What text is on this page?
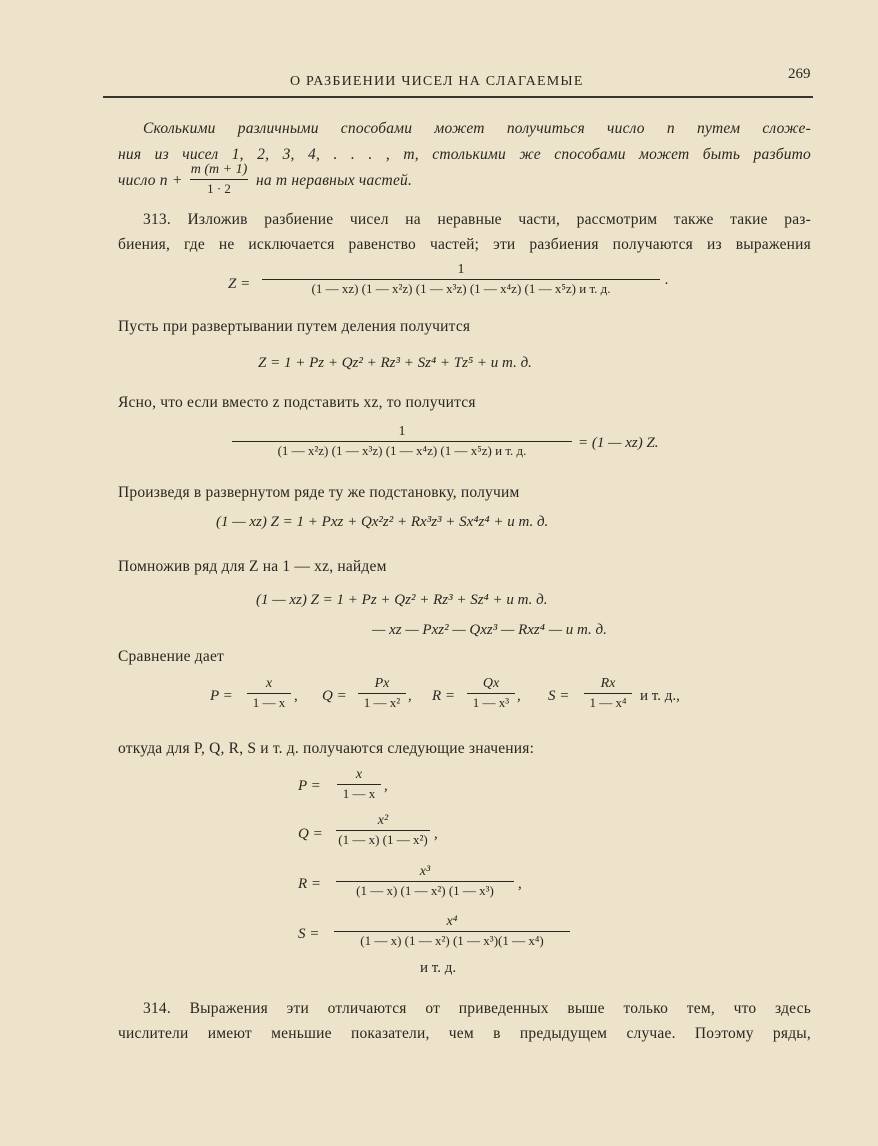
О РАЗБИЕНИИ ЧИСЕЛ НА СЛАГАЕМЫЕ	269
Сколькими различными способами может получиться число n путем сложе-
ния из чисел 1, 2, 3, 4, . . . , m, столькими же способами может быть разбито
число n +
m (m + 1)
1 · 2	на m неравных частей.
313. Изложив разбиение чисел на неравные части, рассмотрим также такие раз-
биения, где не исключается равенство частей; эти разбиения получаются из выражения
Z =
1
(1 — xz) (1 — x²z) (1 — x³z) (1 — x⁴z) (1 — x⁵z) и т. д.	·
Пусть при развертывании путем деления получится
Z = 1 + Pz + Qz² + Rz³ + Sz⁴ + Tz⁵ + и т. д.
Ясно, что если вместо z подставить xz, то получится
1
(1 — x²z) (1 — x³z) (1 — x⁴z) (1 — x⁵z) и т. д.	= (1 — xz) Z.
Произведя в развернутом ряде ту же подстановку, получим
(1 — xz) Z = 1 + Pxz + Qx²z² + Rx³z³ + Sx⁴z⁴ + и т. д.
Помножив ряд для Z на 1 — xz, найдем
(1 — xz) Z = 1 + Pz + Qz² + Rz³ + Sz⁴ + и т. д.
— xz — Pxz² — Qxz³ — Rxz⁴ — и т. д.
Сравнение дает
P =
x
1 — x , Q =
Px
1 — x² , R =
Qx
1 — x³ , S =
Rx
1 — x⁴ и т. д.,
откуда для P, Q, R, S и т. д. получаются следующие значения:
P =
x
1 — x ,
Q =
x²
(1 — x) (1 — x²) ,
R =
x³
(1 — x) (1 — x²) (1 — x³)	,
S =
x⁴
(1 — x) (1 — x²) (1 — x³)(1 — x⁴)
и т. д.
314. Выражения эти отличаются от приведенных выше только тем, что здесь
числители имеют меньшие показатели, чем в предыдущем случае. Поэтому ряды,
